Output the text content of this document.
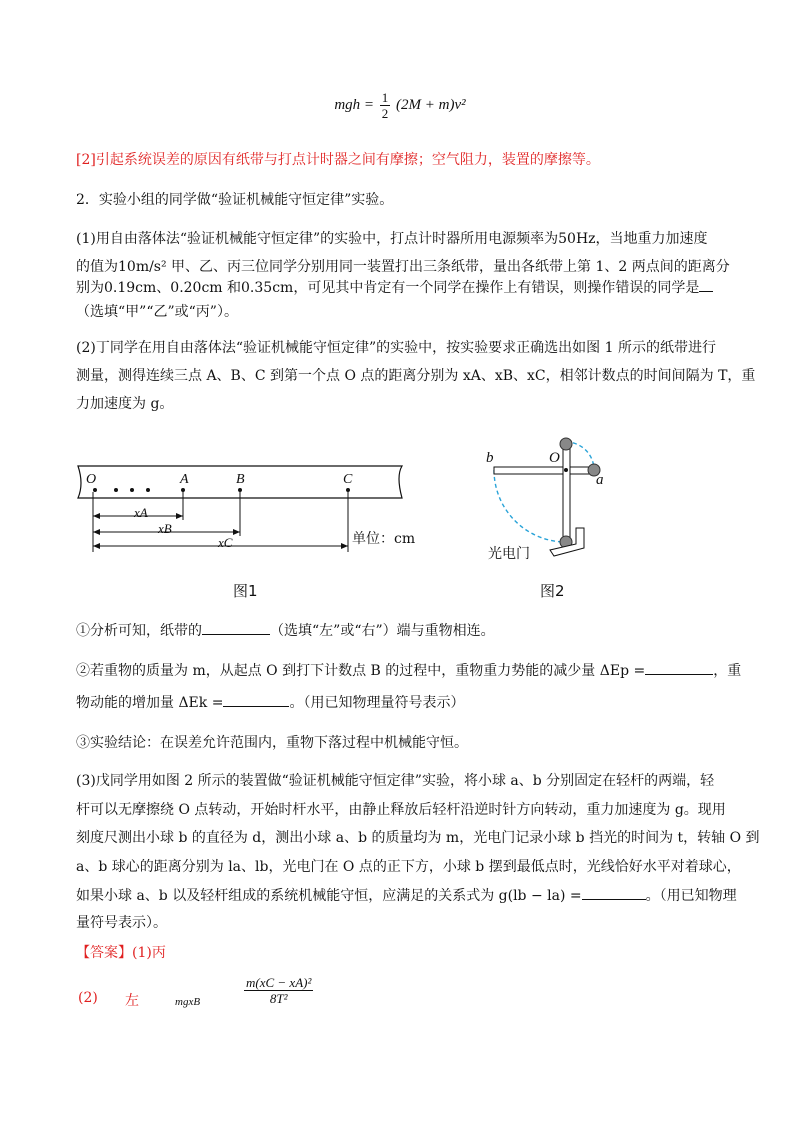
mgh = $\frac{1}{2} (2M + m)v^2$
[2]引起系统误差的原因有纸带与打点计时器之间有摩擦；空气阻力，装置的摩擦等。
2．实验小组的同学做“验证机械能守恒定律”实验。
(1)用自由落体法“验证机械能守恒定律”的实验中，打点计时器所用电源频率为50Hz，当地重力加速度
的值为10m/s² 甲、乙、丙三位同学分别用同一装置打出三条纸带，量出各纸带上第 1、2 两点间的距离分
别为0.19cm、0.20cm 和0.35cm，可见其中肯定有一个同学在操作上有错误，则操作错误的同学是
（选填“甲”“乙”或“丙”）。
(2)丁同学在用自由落体法“验证机械能守恒定律”的实验中，按实验要求正确选出如图 1 所示的纸带进行
测量，测得连续三点 A、B、C 到第一个点 O 点的距离分别为 xA、xB、xC，相邻计数点的时间间隔为 T，重
力加速度为 g。
O	A	B	C
xA
xB
xC	单位：cm
图1
b	O
a
光电门
图2
①分析可知，纸带的	（选填“左”或“右”）端与重物相连。
②若重物的质量为 m，从起点 O 到打下计数点 B 的过程中，重物重力势能的减少量 ΔEp =	，重
物动能的增加量 ΔEk =	。（用已知物理量符号表示）
③实验结论：在误差允许范围内，重物下落过程中机械能守恒。
(3)戊同学用如图 2 所示的装置做“验证机械能守恒定律”实验，将小球 a、b 分别固定在轻杆的两端，轻
杆可以无摩擦绕 O 点转动，开始时杆水平，由静止释放后轻杆沿逆时针方向转动，重力加速度为 g。现用
刻度尺测出小球 b 的直径为 d，测出小球 a、b 的质量均为 m，光电门记录小球 b 挡光的时间为 t，转轴 O 到
a、b 球心的距离分别为 la、lb，光电门在 O 点的正下方，小球 b 摆到最低点时，光线恰好水平对着球心，
如果小球 a、b 以及轻杆组成的系统机械能守恒，应满足的关系式为 g(lb − la) =	。（用已知物理
量符号表示）。
【答案】(1)丙
(2) 左	mgxB	$\frac{\text{m(xC − xA)²}}{\text{8T²}}$
